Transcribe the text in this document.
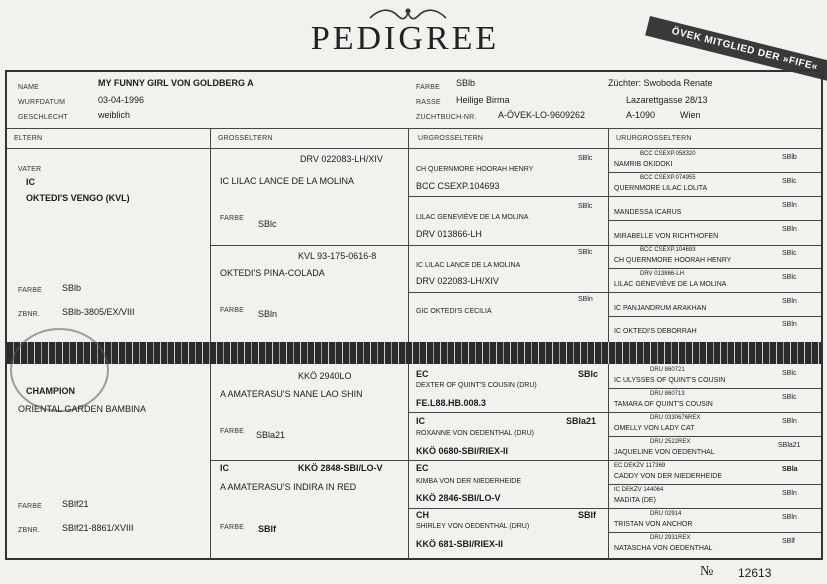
PEDIGREE	ÖVEK MITGLIED DER »FIFE«
NAME	MY FUNNY GIRL VON GOLDBERG A
WURFDATUM	03-04-1996
GESCHLECHT	weiblich
FARBE SBlb
RASSE Heilige Birma
ZUCHTBUCH-NR. A-ÖVEK-LO-9609262
Züchter: Swoboda Renate
Lazarettgasse 28/13
A-1090	Wien
ELTERN	GROSSELTERN	URGROSSELTERN	URURGROSSELTERN
VATER
IC
OKTEDI'S VENGO (KVL)
FARBE SBlb
ZBNR. SBlb-3805/EX/VIII
CHAMPION
ORIENTAL GARDEN BAMBINA
FARBE SBlf21
ZBNR. SBlf21-8861/XVIII
DRV 022083-LH/XIV
IC LILAC LANCE DE LA MOLINA
FARBE
SBlc
KVL 93-175-0616-8
OKTEDI'S PINA-COLADA
FARBE SBln
KKÖ 2940LO
A AMATERASU'S NANE LAO SHIN
FARBE SBla21
IC	KKÖ 2848-SBl/LO-V
A AMATERASU'S INDIRA IN RED
FARBE SBlf
CH QUERNMORE HOORAH HENRY
SBlc
BCC CSEXP.104693
LILAC GENEVIÈVE DE LA MOLINA
SBlc
DRV 013866-LH
IC LILAC LANCE DE LA MOLINA
SBlc
DRV 022083-LH/XIV
GIC OKTEDI'S CECILIA
SBln
EC
DEXTER OF QUINT'S COUSIN (DRU)
SBlc
FE.L88.HB.008.3
IC
ROXANNE VON OEDENTHAL (DRU)
SBla21
KKÖ 0680-SBl/RIEX-II
EC
KIMBA VON DER NIEDERHEIDE
KKÖ 2846-SBl/LO-V
CH
SHIRLEY VON OEDENTHAL (DRU)
SBlf
KKÖ 681-SBl/RIEX-II
BCC CSEXP.058320
NAMRIB OKIDOKI
SBlb
BCC CSEXP.074955
QUERNMORE LILAC LOLITA
SBlc
MANDESSA ICARUS
SBln
MIRABELLE VON RICHTHOFEN
SBln
BCC CSEXP.104693
CH QUERNMORE HOORAH HENRY
SBlc
DRV 013866-LH
LILAC GENEVIÈVE DE LA MOLINA
SBlc
IC PANJANDRUM ARAKHAN
SBln
IC OKTEDI'S DEBORRAH
SBln
DRU 860721
IC ULYSSES OF QUINT'S COUSIN
SBlc
DRU 860713
TAMARA OF QUINT'S COUSIN
SBlc
DRU 0330676REX
OMELLY VON LADY CAT
SBln
DRU 2522REX
JAQUELINE VON OEDENTHAL
SBla21
EC DEKZV 117369
CADDY VON DER NIEDERHEIDE
SBla
IC DEKZV 144064
MADITA (DE)
SBln
DRU 02914
TRISTAN VON ANCHOR
SBln
DRU 2931REX
NATASCHA VON OEDENTHAL
SBlf
№ 12613
